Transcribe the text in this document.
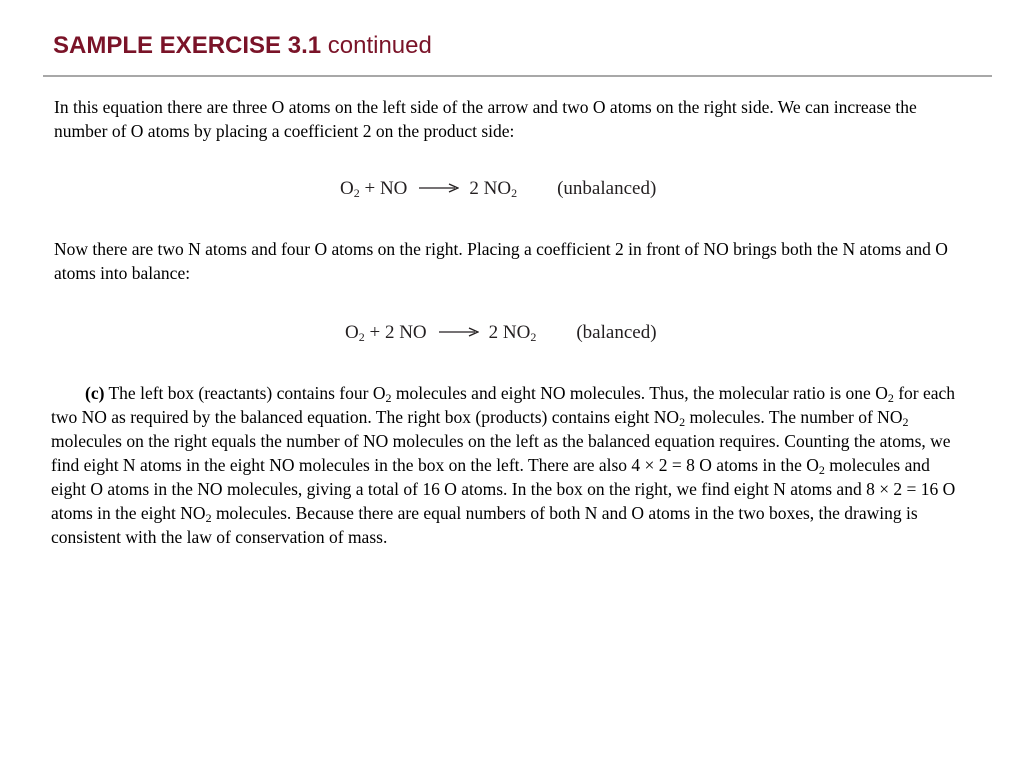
SAMPLE EXERCISE 3.1 continued

In this equation there are three O atoms on the left side of the arrow and two O atoms on the right side. We can increase the number of O atoms by placing a coefficient 2 on the product side:

$O_2$ + NO → 2 $NO_2$ (unbalanced)

Now there are two N atoms and four O atoms on the right. Placing a coefficient 2 in front of NO brings both the N atoms and O atoms into balance:

$O_2 + 2$ NO → 2 $NO_2$ (balanced)

(c) The left box (reactants) contains four $O_2$ molecules and eight NO molecules. Thus, the molecular ratio is one $O_2$ for each two NO as required by the balanced equation. The right box (products) contains eight $NO_2$ molecules. The number of $NO_2$ molecules on the right equals the number of NO molecules on the left as the balanced equation requires. Counting the atoms, we find eight N atoms in the eight NO molecules in the box on the left. There are also 4 × 2 = 8 O atoms in the $O_2$ molecules and eight O atoms in the NO molecules, giving a total of 16 O atoms. In the box on the right, we find eight N atoms and 8 × 2 = 16 O atoms in the eight $NO_2$ molecules. Because there are equal numbers of both N and O atoms in the two boxes, the drawing is consistent with the law of conservation of mass.
